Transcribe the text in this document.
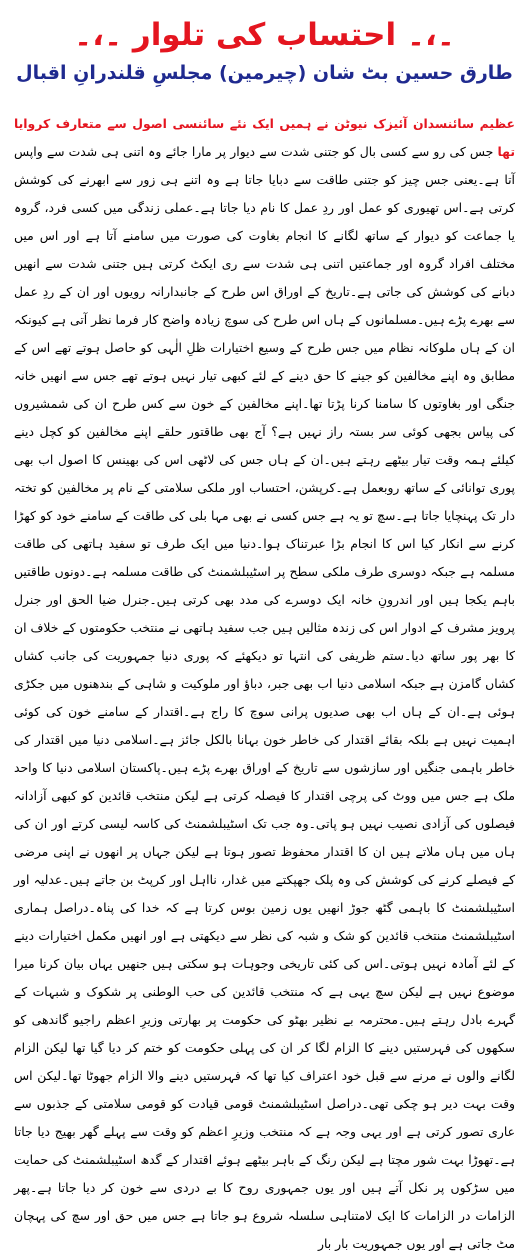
۔،۔ احتساب کی تلوار ۔،۔
طارق حسین بٹ شان (چیرمین) مجلسِ قلندرانِ اقبال

عظیم سائنسدان آئیزک نیوٹن نے ہمیں ایک نئے سائنسی اصول سے متعارف کروایا تھا جس کی رو سے کسی بال کو جتنی شدت سے دیوار پر مارا جائے وہ اتنی ہی شدت سے واپس آتا ہے۔یعنی جس چیز کو جتنی طاقت سے دبایا جاتا ہے وہ اتنے ہی زور سے ابھرنے کی کوشش کرتی ہے۔اس تھیوری کو عمل اور ردِ عمل کا نام دیا جاتا ہے۔عملی زندگی میں کسی فرد، گروہ یا جماعت کو دیوار کے ساتھ لگانے کا انجام بغاوت کی صورت میں سامنے آتا ہے اور اس میں مختلف افراد گروہ اور جماعتیں اتنی ہی شدت سے ری ایکٹ کرتی ہیں جتنی شدت سے انھیں دبانے کی کوشش کی جاتی ہے۔تاریخ کے اوراق اس طرح کے جانبدارانہ رویوں اور ان کے ردِ عمل سے بھرے پڑے ہیں۔مسلمانوں کے ہاں اس طرح کی سوچ زیادہ واضح کار فرما نظر آتی ہے کیونکہ ان کے ہاں ملوکانہ نظام میں جس طرح کے وسیع اختیارات ظلِ الٰہی کو حاصل ہوتے تھے اس کے مطابق وہ اپنے مخالفین کو جینے کا حق دینے کے لئے کبھی تیار نہیں ہوتے تھے جس سے انھیں خانہ جنگی اور بغاوتوں کا سامنا کرنا پڑتا تھا۔اپنے مخالفین کے خون سے کس طرح ان کی شمشیروں کی پیاس بجھی کوئی سر بستہ راز نہیں ہے؟ آج بھی طاقتور حلقے اپنے مخالفین کو کچل دینے کیلئے ہمہ وقت تیار بیٹھے رہتے ہیں۔ان کے ہاں جس کی لاٹھی اس کی بھینس کا اصول اب بھی پوری توانائی کے ساتھ روبعمل ہے۔کرپشن، احتساب اور ملکی سلامتی کے نام پر مخالفین کو تختہ دار تک پہنچایا جاتا ہے۔سچ تو یہ ہے جس کسی نے بھی مہا بلی کی طاقت کے سامنے خود کو کھڑا کرنے سے انکار کیا اس کا انجام بڑا عبرتناک ہوا۔دنیا میں ایک طرف تو سفید ہاتھی کی طاقت مسلمہ ہے جبکہ دوسری طرف ملکی سطح پر اسٹیبلشمنٹ کی طاقت مسلمہ ہے۔دونوں طاقتیں باہم یکجا ہیں اور اندرونِ خانہ ایک دوسرے کی مدد بھی کرتی ہیں۔جنرل ضیا الحق اور جنرل پرویز مشرف کے ادوار اس کی زندہ مثالیں ہیں جب سفید ہاتھی نے منتخب حکومتوں کے خلاف ان کا بھر پور ساتھ دیا۔ستم ظریفی کی انتہا تو دیکھئے کہ پوری دنیا جمہوریت کی جانب کشاں کشاں گامزن ہے جبکہ اسلامی دنیا اب بھی جبر، دباؤ اور ملوکیت و شاہی کے بندھنوں میں جکڑی ہوئی ہے۔ان کے ہاں اب بھی صدیوں پرانی سوچ کا راج ہے۔اقتدار کے سامنے خون کی کوئی اہمیت نہیں ہے بلکہ بقائے اقتدار کی خاطر خون بہانا بالکل جائز ہے۔اسلامی دنیا میں اقتدار کی خاطر باہمی جنگیں اور سازشوں سے تاریخ کے اوراق بھرے پڑے ہیں۔پاکستان اسلامی دنیا کا واحد ملک ہے جس میں ووٹ کی پرچی اقتدار کا فیصلہ کرتی ہے لیکن منتخب قائدین کو کبھی آزادانہ فیصلوں کی آزادی نصیب نہیں ہو پاتی۔وہ جب تک اسٹیبلشمنٹ کی کاسہ لیسی کرتے اور ان کی ہاں میں ہاں ملاتے ہیں ان کا اقتدار محفوظ تصور ہوتا ہے لیکن جہاں پر انھوں نے اپنی مرضی کے فیصلے کرنے کی کوشش کی وہ پلک جھپکتے میں غدار، نااہل اور کرپٹ بن جاتے ہیں۔عدلیہ اور اسٹیبلشمنٹ کا باہمی گٹھ جوڑ انھیں یوں زمین بوس کرتا ہے کہ خدا کی پناہ۔دراصل ہماری اسٹیبلشمنٹ منتخب قائدین کو شک و شبہ کی نظر سے دیکھتی ہے اور انھیں مکمل اختیارات دینے کے لئے آمادہ نہیں ہوتی۔اس کی کئی تاریخی وجوہات ہو سکتی ہیں جنھیں یہاں بیان کرنا میرا موضوع نہیں ہے لیکن سچ یہی ہے کہ منتخب قائدین کی حب الوطنی پر شکوک و شبہات کے گہرے بادل رہتے ہیں۔محترمہ بے نظیر بھٹو کی حکومت پر بھارتی وزیرِ اعظم راجیو گاندھی کو سکھوں کی فہرستیں دینے کا الزام لگا کر ان کی پہلی حکومت کو ختم کر دیا گیا تھا لیکن الزام لگانے والوں نے مرنے سے قبل خود اعتراف کیا تھا کہ فہرستیں دینے والا الزام جھوٹا تھا۔لیکن اس وقت بہت دیر ہو چکی تھی۔دراصل اسٹیبلشمنٹ قومی قیادت کو قومی سلامتی کے جذبوں سے عاری تصور کرتی ہے اور یہی وجہ ہے کہ منتخب وزیرِ اعظم کو وقت سے پہلے گھر بھیج دیا جاتا ہے۔تھوڑا بہت شور مچتا ہے لیکن رنگ کے باہر بیٹھے ہوئے اقتدار کے گدھ اسٹیبلشمنٹ کی حمایت میں سڑکوں پر نکل آتے ہیں اور یوں جمہوری روح کا بے دردی سے خون کر دیا جاتا ہے۔پھر الزامات در الزامات کا ایک لامتناہی سلسلہ شروع ہو جاتا ہے جس میں حق اور سچ کی پہچان مٹ جاتی ہے اور یوں جمہوریت بار بار
